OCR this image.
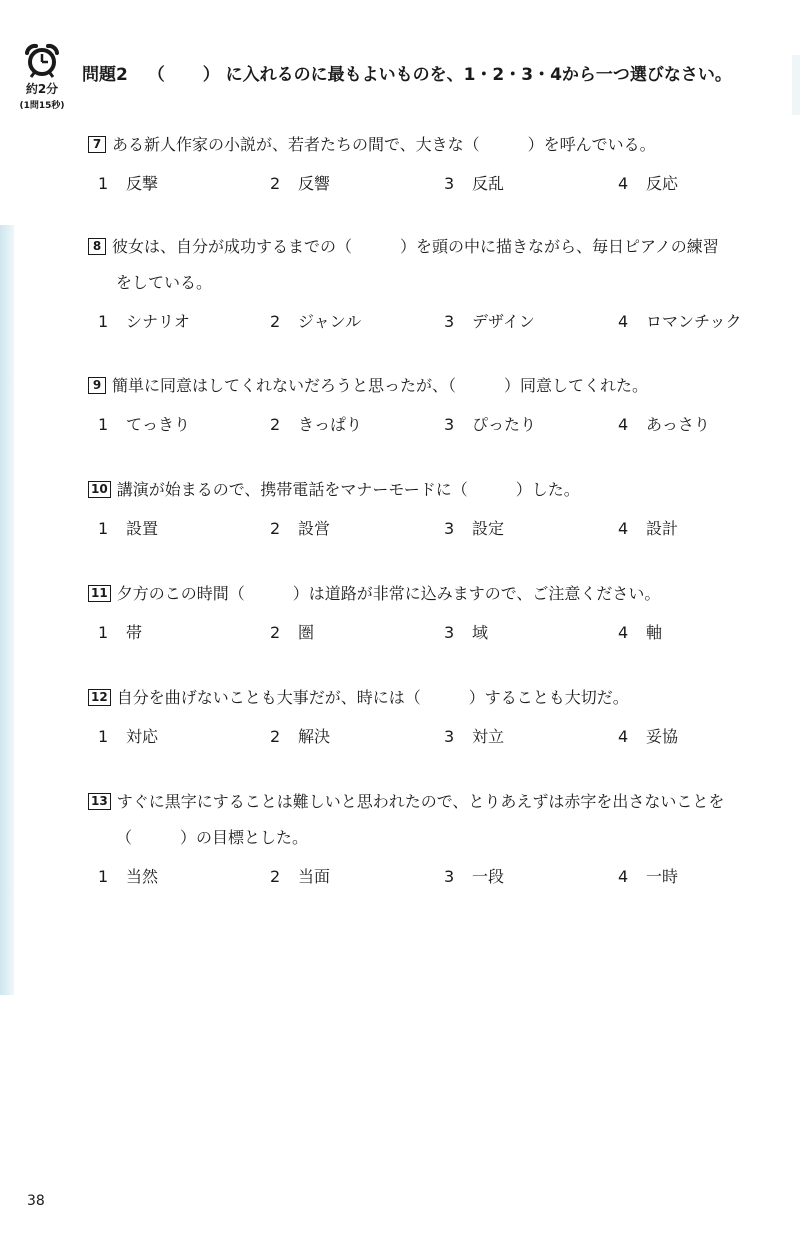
約2分
(1問15秒)
問題2 （ ） に入れるのに最もよいものを、1・2・3・4から一つ選びなさい。
7 ある新人作家の小説が、若者たちの間で、大きな（　　　）を呼んでいる。
1 反撃	2 反響	3 反乱	4 反応
8 彼女は、自分が成功するまでの（　　　）を頭の中に描きながら、毎日ピアノの練習
をしている。
1 シナリオ	2 ジャンル	3 デザイン	4 ロマンチック
9 簡単に同意はしてくれないだろうと思ったが、（　　　）同意してくれた。
1 てっきり	2 きっぱり	3 ぴったり	4 あっさり
10 講演が始まるので、携帯電話をマナーモードに（　　　）した。
1 設置	2 設営	3 設定	4 設計
11 夕方のこの時間（　　　）は道路が非常に込みますので、ご注意ください。
1 帯	2 圏	3 域	4 軸
12 自分を曲げないことも大事だが、時には（　　　）することも大切だ。
1 対応	2 解決	3 対立	4 妥協
13 すぐに黒字にすることは難しいと思われたので、とりあえずは赤字を出さないことを
（　　　）の目標とした。
1 当然	2 当面	3 一段	4 一時
38
